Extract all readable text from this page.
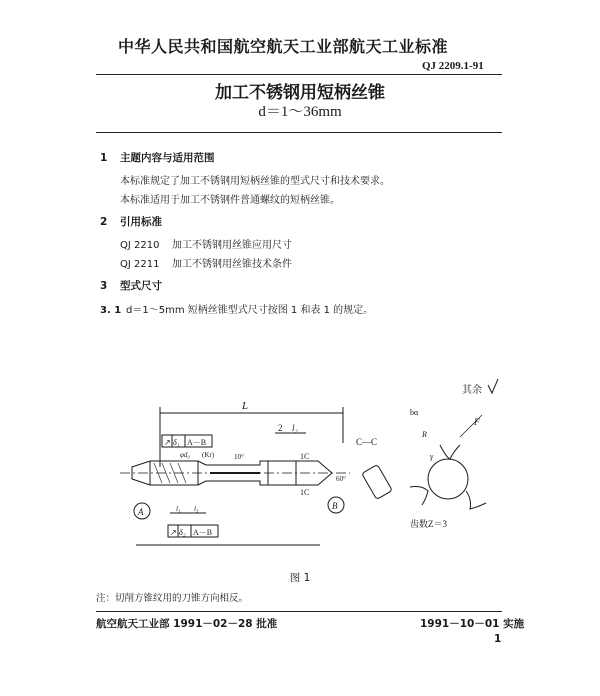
中华人民共和国航空航天工业部航天工业标准
QJ 2209.1-91
加工不锈钢用短柄丝锥
d＝1～36mm
1 主题内容与适用范围
本标准规定了加工不锈钢用短柄丝锥的型式尺寸和技术要求。
本标准适用于加工不锈钢件普通螺纹的短柄丝锥。
2 引用标准
QJ 2210 加工不锈钢用丝锥应用尺寸
QJ 2211 加工不锈钢用丝锥技术条件
3 型式尺寸
3. 1 d＝1～5mm 短柄丝锥型式尺寸按图 1 和表 1 的规定。
其余
L
2 l₂
↗ δ₁ A－B
φd₀ (Kr)	10°	1C
1C
60°
A
B
l₁ l₃
↗ δ₂ A－B
C—C
bα
R
γ
F
齿数Z＝3
图 1
注：切削方锥纹用的刀锥方向相反。
航空航天工业部 1991－02－28 批准	1991－10－01 实施
1
